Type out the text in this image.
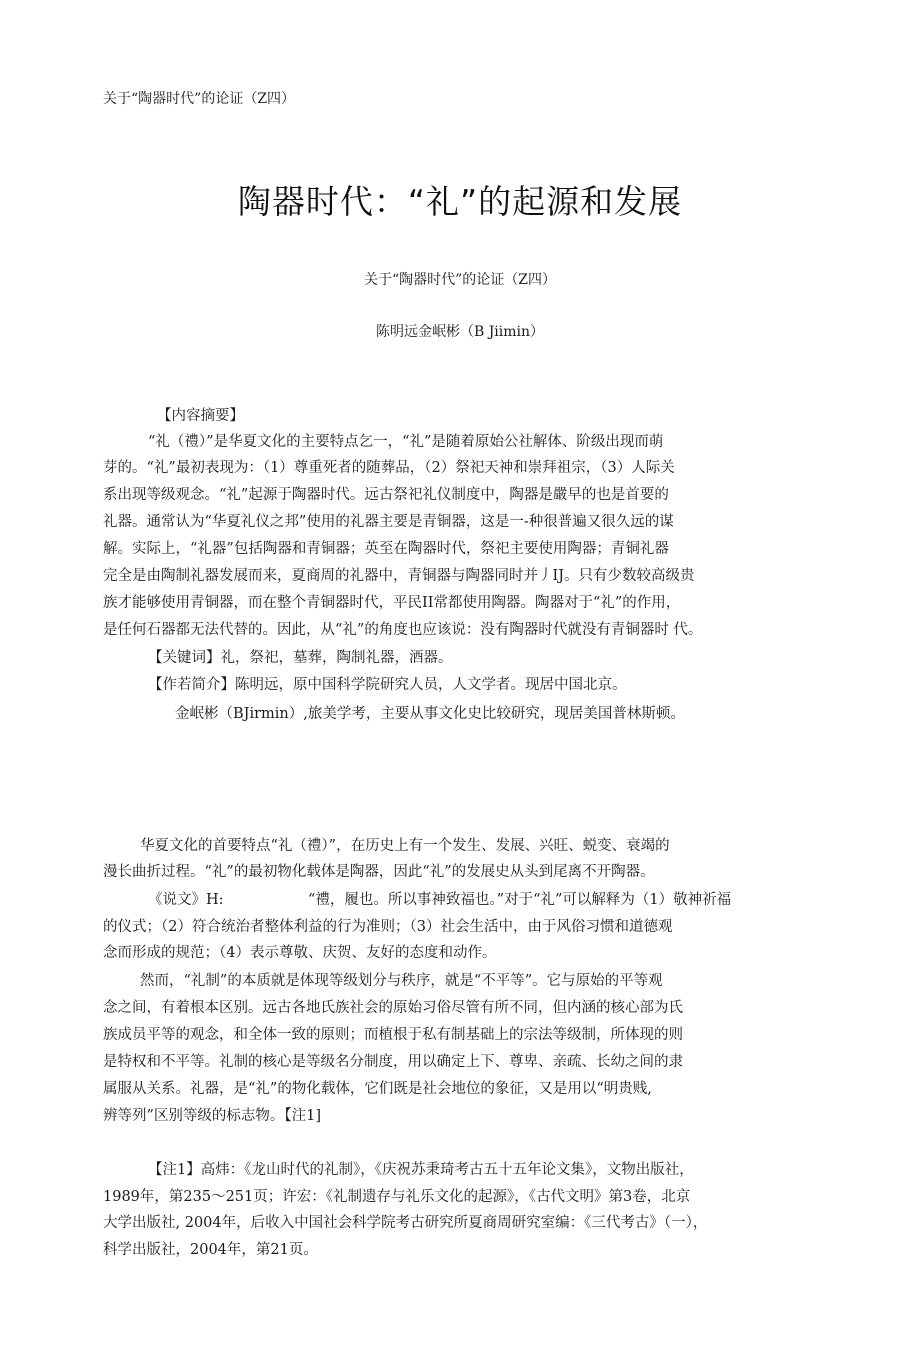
关于“陶器时代”的论证（Z四）
陶器时代：“礼”的起源和发展
关于“陶器时代”的论证（Z四）
陈明远金岷彬（B Jiimin）
【内容摘要】
“礼（禮）”是华夏文化的主要特点乞一，“礼”是随着原始公社解体、阶级出现而萌
芽的。“礼”最初表现为：（1）尊重死者的随葬品，（2）祭祀天神和崇拜祖宗，（3）人际关
系出现等级观念。“礼”起源于陶器时代。远古祭祀礼仪制度中，陶器是嚴早的也是首要的
礼器。通常认为“华夏礼仪之邦”使用的礼器主要是青铜器，这是一-种很普遍又很久远的谋
解。实际上，“礼器”包括陶器和青铜器；英至在陶器时代，祭祀主要使用陶器；青铜礼器
完全是由陶制礼器发展而来，夏商周的礼器中，青铜器与陶器同时并丿IJ。只有少数较高级贵
族才能够使用青铜器，而在整个青铜器时代，平民II常都使用陶器。陶器对于“礼”的作用，
是任何石器都无法代替的。因此，从“礼”的角度也应该说：没有陶器时代就没有青铜器时 代。
【关键词】礼，祭祀，墓葬，陶制礼器，酒器。
【作若简介】陈明远，原中国科学院研究人员，人文学者。现居中国北京。
金岷彬（BJirmin）,旅美学考，主要从事文化史比较研究，现居美国普林斯顿。
华夏文化的首要特点“礼（禮）”，在历史上有一个发生、发展、兴旺、蜕变、衰竭的
漫长曲折过程。“礼”的最初物化载体是陶器，因此“礼”的发展史从头到尾离不开陶器。
《说文》H:	“禮，履也。所以事神致福也。”对于“礼”可以解释为（1）敬神祈福
的仪式；（2）符合统治者整体利益的行为准则；（3）社会生活中，由于风俗习惯和道德观
念而形成的规范；（4）表示尊敬、庆贺、友好的态度和动作。
然而，“礼制”的本质就是体现等级划分与秩序，就是“不平等”。它与原始的平等观
念之间，有着根本区别。远古各地氏族社会的原始习俗尽管有所不同，但内涵的核心部为氏
族成员平等的观念，和全体一致的原则；而植根于私有制基础上的宗法等级制，所体现的则
是特权和不平等。礼制的核心是等级名分制度，用以确定上下、尊卑、亲疏、长幼之间的隶
属服从关系。礼器，是“礼”的物化载体，它们既是社会地位的象征，又是用以“明贵贱,
辨等列”区别等级的标志物。【注1]
【注1】高炜：《龙山时代的礼制》，《庆祝苏秉琦考古五十五年论文集》，文物出版社，
1989年，第235～251页；许宏：《礼制遗存与礼乐文化的起源》，《古代文明》第3卷，北京
大学出版社, 2004年，后收入中国社会科学院考古研究所夏商周研究室编：《三代考古》（一），
科学出版社，2004年，第21页。
